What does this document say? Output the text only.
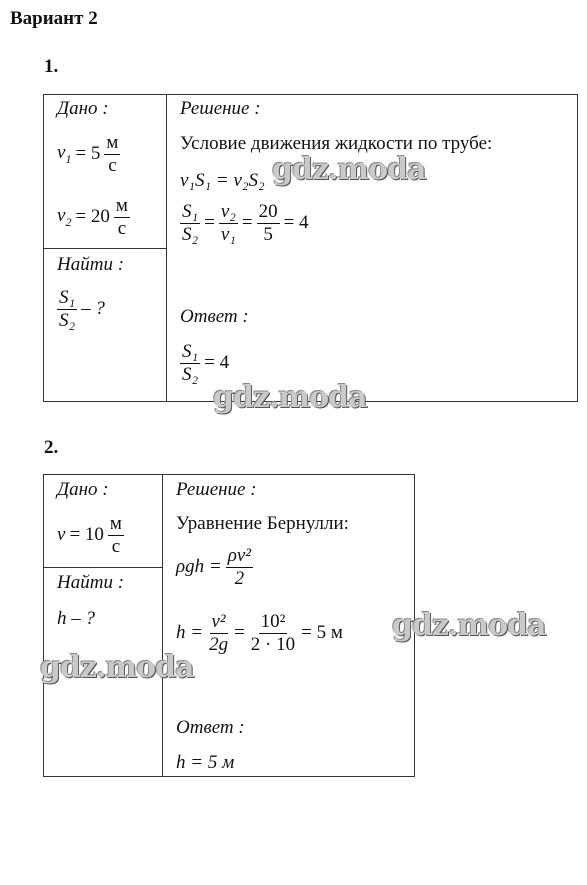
Вариант 2
1.
Дано :
$v_1 = 5 \frac{м}{с}$
$v_2 = 20 \frac{м}{с}$
Найти :
$\frac{\text{S₁}}{\text{S₂}}$ – ?
Решение :
Условие движения жидкости по трубе:
v₁S₁ = v₂S₂
$\frac{\text{S₁}}{\text{S₂}} = \frac{\text{v₂}}{\text{v₁}} = \frac{20}{5} = 4$
Ответ :
$\frac{\text{S₁}}{\text{S₂}} = 4$
2.
Дано :
$v = 10 \frac{м}{с}$
Найти :
h – ?
Решение :
Уравнение Бернулли:
$\rho gh = \frac{\text{ρv²}}{2}$
$h = \frac{\text{v²}}{2g} = \frac{\text{10²}}{2 \cdot 10} = 5$ м
Ответ :
h = 5 м
gdz.moda
gdz.moda
gdz.moda
gdz.moda
